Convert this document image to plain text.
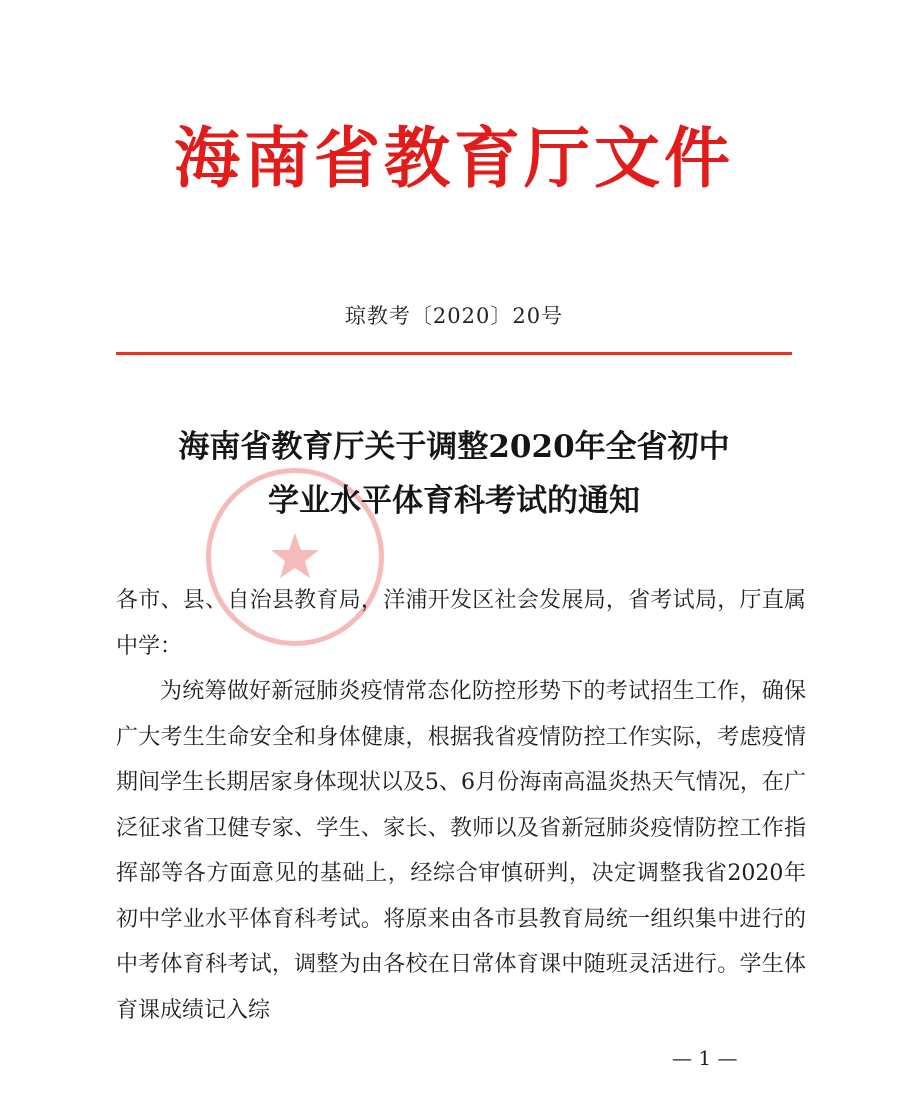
海南省教育厅文件
琼教考〔2020〕20号
海南省教育厅关于调整2020年全省初中
学业水平体育科考试的通知

各市、县、自治县教育局，洋浦开发区社会发展局，省考试局，厅直属中学：

为统筹做好新冠肺炎疫情常态化防控形势下的考试招生工作，确保广大考生生命安全和身体健康，根据我省疫情防控工作实际，考虑疫情期间学生长期居家身体现状以及5、6月份海南高温炎热天气情况，在广泛征求省卫健专家、学生、家长、教师以及省新冠肺炎疫情防控工作指挥部等各方面意见的基础上，经综合审慎研判，决定调整我省2020年初中学业水平体育科考试。将原来由各市县教育局统一组织集中进行的中考体育科考试，调整为由各校在日常体育课中随班灵活进行。学生体育课成绩记入综

— 1 —
